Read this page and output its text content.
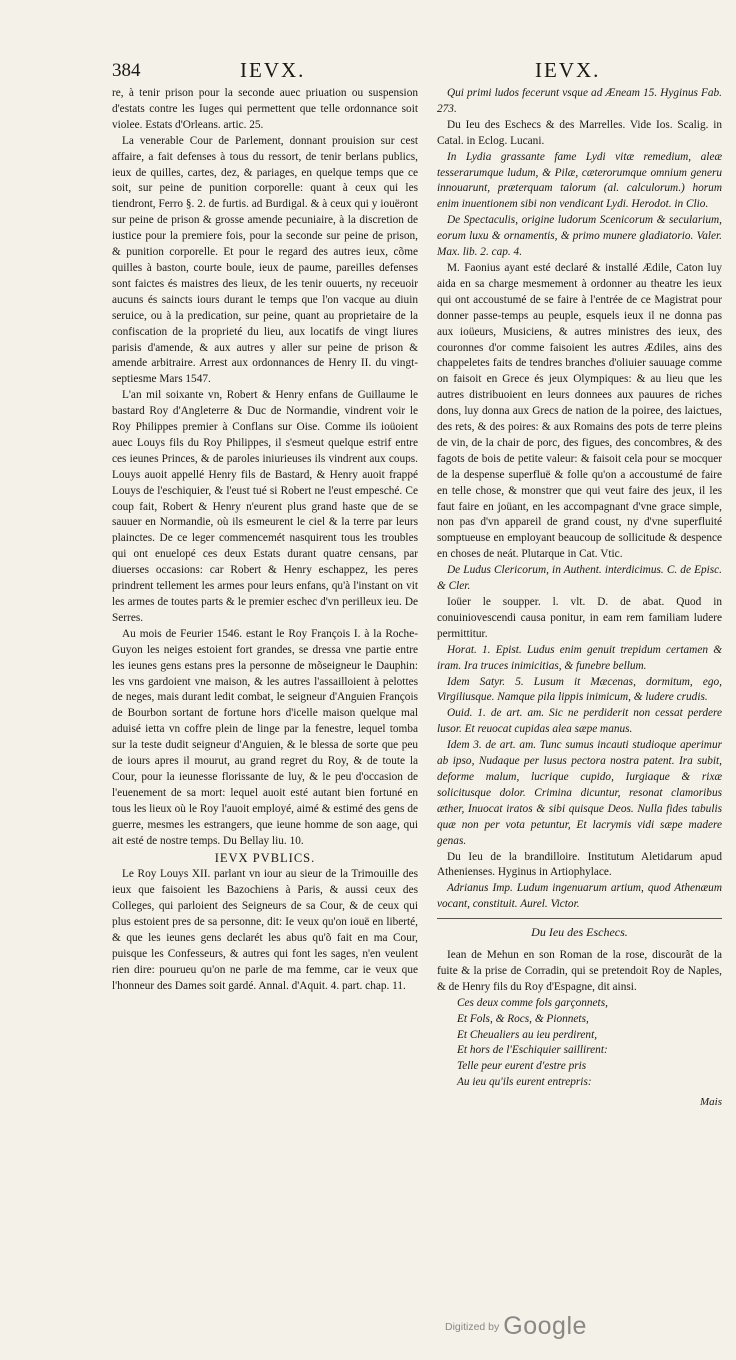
384	IEVX.	IEVX.

re, à tenir prison pour la seconde auec priuation ou suspension d'estats contre les Iuges qui permettent que telle ordonnance soit violee. Estats d'Orleans. artic. 25.

La venerable Cour de Parlement, donnant prouision sur cest affaire, a fait defenses à tous du ressort, de tenir berlans publics, ieux de quilles, cartes, dez, & pariages, en quelque temps que ce soit, sur peine de punition corporelle: quant à ceux qui les tiendront, Ferro §. 2. de furtis. ad Burdigal. & à ceux qui y iouëront sur peine de prison & grosse amende pecuniaire, à la discretion de iustice pour la premiere fois, pour la seconde sur peine de prison, & punition corporelle. Et pour le regard des autres ieux, cõme quilles à baston, courte boule, ieux de paume, pareilles defenses sont faictes és maistres des lieux, de les tenir ouuerts, ny receuoir aucuns és saincts iours durant le temps que l'on vacque au diuin seruice, ou à la predication, sur peine, quant au proprietaire de la confiscation de la proprieté du lieu, aux locatifs de vingt liures parisis d'amende, & aux autres y aller sur peine de prison & amende arbitraire. Arrest aux ordonnances de Henry II. du vingt-septiesme Mars 1547.

L'an mil soixante vn, Robert & Henry enfans de Guillaume le bastard Roy d'Angleterre & Duc de Normandie, vindrent voir le Roy Philippes premier à Conflans sur Oise. Comme ils ioüoient auec Louys fils du Roy Philippes, il s'esmeut quelque estrif entre ces ieunes Princes, & de paroles iniurieuses ils vindrent aux coups. Louys auoit appellé Henry fils de Bastard, & Henry auoit frappé Louys de l'eschiquier, & l'eust tué si Robert ne l'eust empesché. Ce coup fait, Robert & Henry n'eurent plus grand haste que de se sauuer en Normandie, où ils esmeurent le ciel & la terre par leurs plainctes. De ce leger commencemét nasquirent tous les troubles qui ont enuelopé ces deux Estats durant quatre censans, par diuerses occasions: car Robert & Henry eschappez, les peres prindrent tellement les armes pour leurs enfans, qu'à l'instant on vit les armes de toutes parts & le premier eschec d'vn perilleux ieu. De Serres.

Au mois de Feurier 1546. estant le Roy François I. à la Roche-Guyon les neiges estoient fort grandes, se dressa vne partie entre les ieunes gens estans pres la personne de mõseigneur le Dauphin: les vns gardoient vne maison, & les autres l'assailloient à pelottes de neges, mais durant ledit combat, le seigneur d'Anguien François de Bourbon sortant de fortune hors d'icelle maison quelque mal aduisé ietta vn coffre plein de linge par la fenestre, lequel tomba sur la teste dudit seigneur d'Anguien, & le blessa de sorte que peu de iours apres il mourut, au grand regret du Roy, & de toute la Cour, pour la ieunesse florissante de luy, & le peu d'occasion de l'euenement de sa mort: lequel auoit esté autant bien fortuné en tous les lieux où le Roy l'auoit employé, aimé & estimé des gens de guerre, mesmes les estrangers, que ieune homme de son aage, qui ait esté de nostre temps. Du Bellay liu. 10.

IEVX PVBLICS.

Le Roy Louys XII. parlant vn iour au sieur de la Trimouille des ieux que faisoient les Bazochiens à Paris, & aussi ceux des Colleges, qui parloient des Seigneurs de sa Cour, & de ceux qui plus estoient pres de sa personne, dit: Ie veux qu'on iouë en liberté, & que les ieunes gens declarét les abus qu'õ fait en ma Cour, puisque les Confesseurs, & autres qui font les sages, n'en veulent rien dire: pourueu qu'on ne parle de ma femme, car ie veux que l'honneur des Dames soit gardé. Annal. d'Aquit. 4. part. chap. 11.

Qui primi ludos fecerunt vsque ad Æneam 15. Hyginus Fab. 273.

Du Ieu des Eschecs & des Marrelles. Vide Ios. Scalig. in Catal. in Eclog. Lucani.

In Lydia grassante fame Lydi vitæ remedium, aleæ tesserarumque ludum, & Pilæ, cæterorumque omnium generu innouarunt, præterquam talorum (al. calculorum.) horum enim inuentionem sibi non vendicant Lydi. Herodot. in Clio.

De Spectaculis, origine ludorum Scenicorum & secularium, eorum luxu & ornamentis, & primo munere gladiatorio. Valer. Max. lib. 2. cap. 4.

M. Faonius ayant esté declaré & installé Ædile, Caton luy aida en sa charge mesmement à ordonner au theatre les ieux qui ont accoustumé de se faire à l'entrée de ce Magistrat pour donner passe-temps au peuple, esquels ieux il ne donna pas aux ioüeurs, Musiciens, & autres ministres des ieux, des couronnes d'or comme faisoient les autres Ædiles, ains des chappeletes faits de tendres branches d'oliuier sauuage comme on faisoit en Grece és jeux Olympiques: & au lieu que les autres distribuoient en leurs donnees aux pauures de riches dons, luy donna aux Grecs de nation de la poiree, des laictues, des rets, & des poires: & aux Romains des pots de terre pleins de vin, de la chair de porc, des figues, des concombres, & des fagots de bois de petite valeur: & faisoit cela pour se mocquer de la despense superfluë & folle qu'on a accoustumé de faire en telle chose, & monstrer que qui veut faire des jeux, il les faut faire en joüant, en les accompagnant d'vne grace simple, non pas d'vn appareil de grand coust, ny d'vne superfluité somptueuse en employant beaucoup de sollicitude & despence en choses de neát. Plutarque in Cat. Vtic.

De Ludus Clericorum, in Authent. interdicimus. C. de Episc. & Cler.

Ioüer le soupper. l. vlt. D. de abat. Quod in conuiniovescendi causa ponitur, in eam rem familiam ludere permittitur.

Horat. 1. Epist. Ludus enim genuit trepidum certamen & iram. Ira truces inimicitias, & funebre bellum.

Idem Satyr. 5. Lusum it Mæcenas, dormitum, ego, Virgiliusque. Namque pila lippis inimicum, & ludere crudis.

Ouid. 1. de art. am. Sic ne perdiderit non cessat perdere lusor. Et reuocat cupidas alea sæpe manus.

Idem 3. de art. am. Tunc sumus incauti studioque aperimur ab ipso, Nudaque per lusus pectora nostra patent. Ira subit, deforme malum, lucrique cupido, Iurgiaque & rixæ solicitusque dolor. Crimina dicuntur, resonat clamoribus æther, Inuocat iratos & sibi quisque Deos. Nulla fides tabulis quæ non per vota petuntur, Et lacrymis vidi sæpe madere genas.

Du Ieu de la brandilloire. Institutum Aletidarum apud Athenienses. Hyginus in Artiophylace.

Adrianus Imp. Ludum ingenuarum artium, quod Athenæum vocant, constituit. Aurel. Victor.

Du Ieu des Eschecs.

Iean de Mehun en son Roman de la rose, discourãt de la fuite & la prise de Corradin, qui se pretendoit Roy de Naples, & de Henry fils du Roy d'Espagne, dit ainsi.

Ces deux comme fols garçonnets,

Et Fols, & Rocs, & Pionnets,

Et Cheualiers au ieu perdirent,

Et hors de l'Eschiquier saillirent:

Telle peur eurent d'estre pris

Au ieu qu'ils eurent entrepris:

Mais

$^{Digitized by}$ Google
